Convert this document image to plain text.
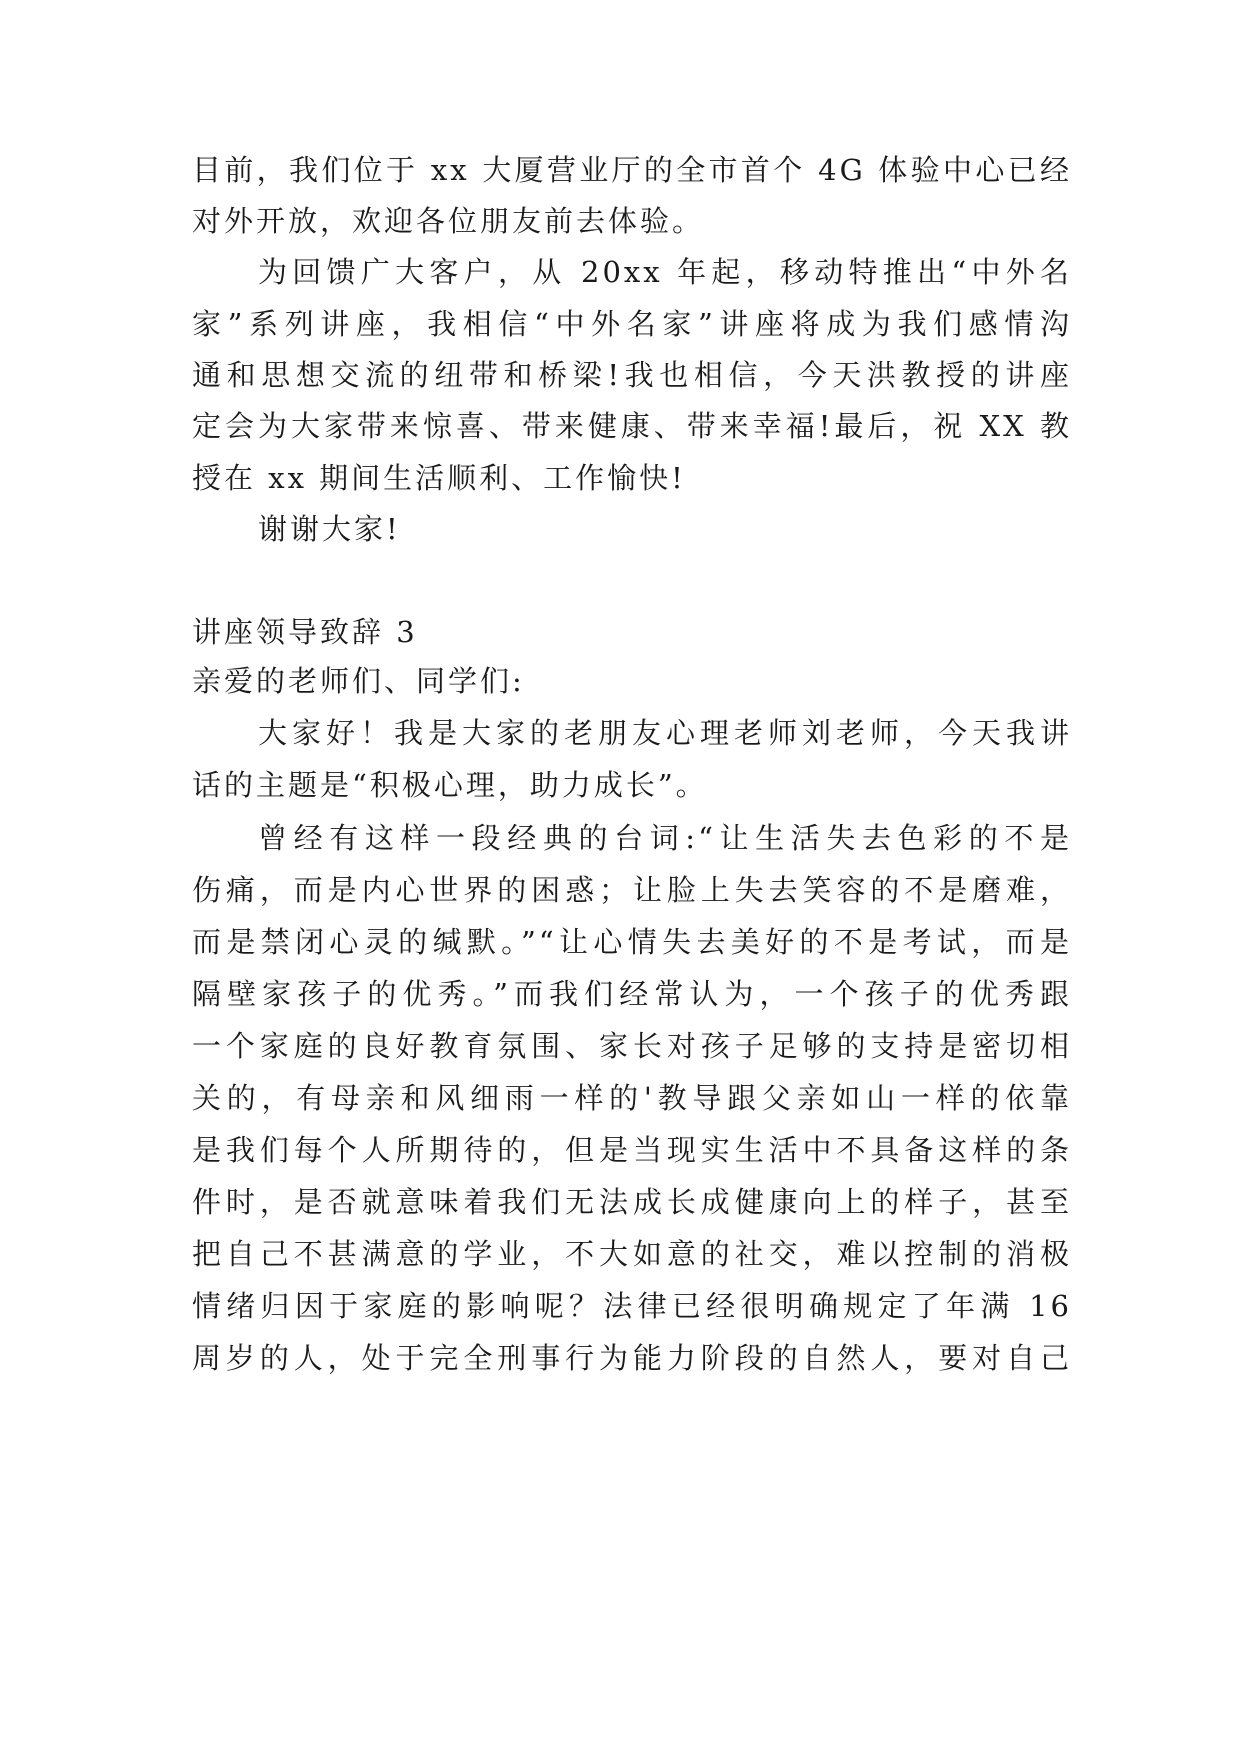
目前，我们位于 xx 大厦营业厅的全市首个 4G 体验中心已经
对外开放，欢迎各位朋友前去体验。
为回馈广大客户，从 20xx 年起，移动特推出“中外名
家”系列讲座，我相信“中外名家”讲座将成为我们感情沟
通和思想交流的纽带和桥梁!我也相信，今天洪教授的讲座
定会为大家带来惊喜、带来健康、带来幸福!最后，祝 XX 教
授在 xx 期间生活顺利、工作愉快!
谢谢大家!
讲座领导致辞 3
亲爱的老师们、同学们:
大家好！我是大家的老朋友心理老师刘老师，今天我讲
话的主题是“积极心理，助力成长”。
曾经有这样一段经典的台词:“让生活失去色彩的不是
伤痛，而是内心世界的困惑；让脸上失去笑容的不是磨难，
而是禁闭心灵的缄默。”“让心情失去美好的不是考试，而是
隔壁家孩子的优秀。”而我们经常认为，一个孩子的优秀跟
一个家庭的良好教育氛围、家长对孩子足够的支持是密切相
关的，有母亲和风细雨一样的'教导跟父亲如山一样的依靠
是我们每个人所期待的，但是当现实生活中不具备这样的条
件时，是否就意味着我们无法成长成健康向上的样子，甚至
把自己不甚满意的学业，不大如意的社交，难以控制的消极
情绪归因于家庭的影响呢？法律已经很明确规定了年满 16
周岁的人，处于完全刑事行为能力阶段的自然人，要对自己
